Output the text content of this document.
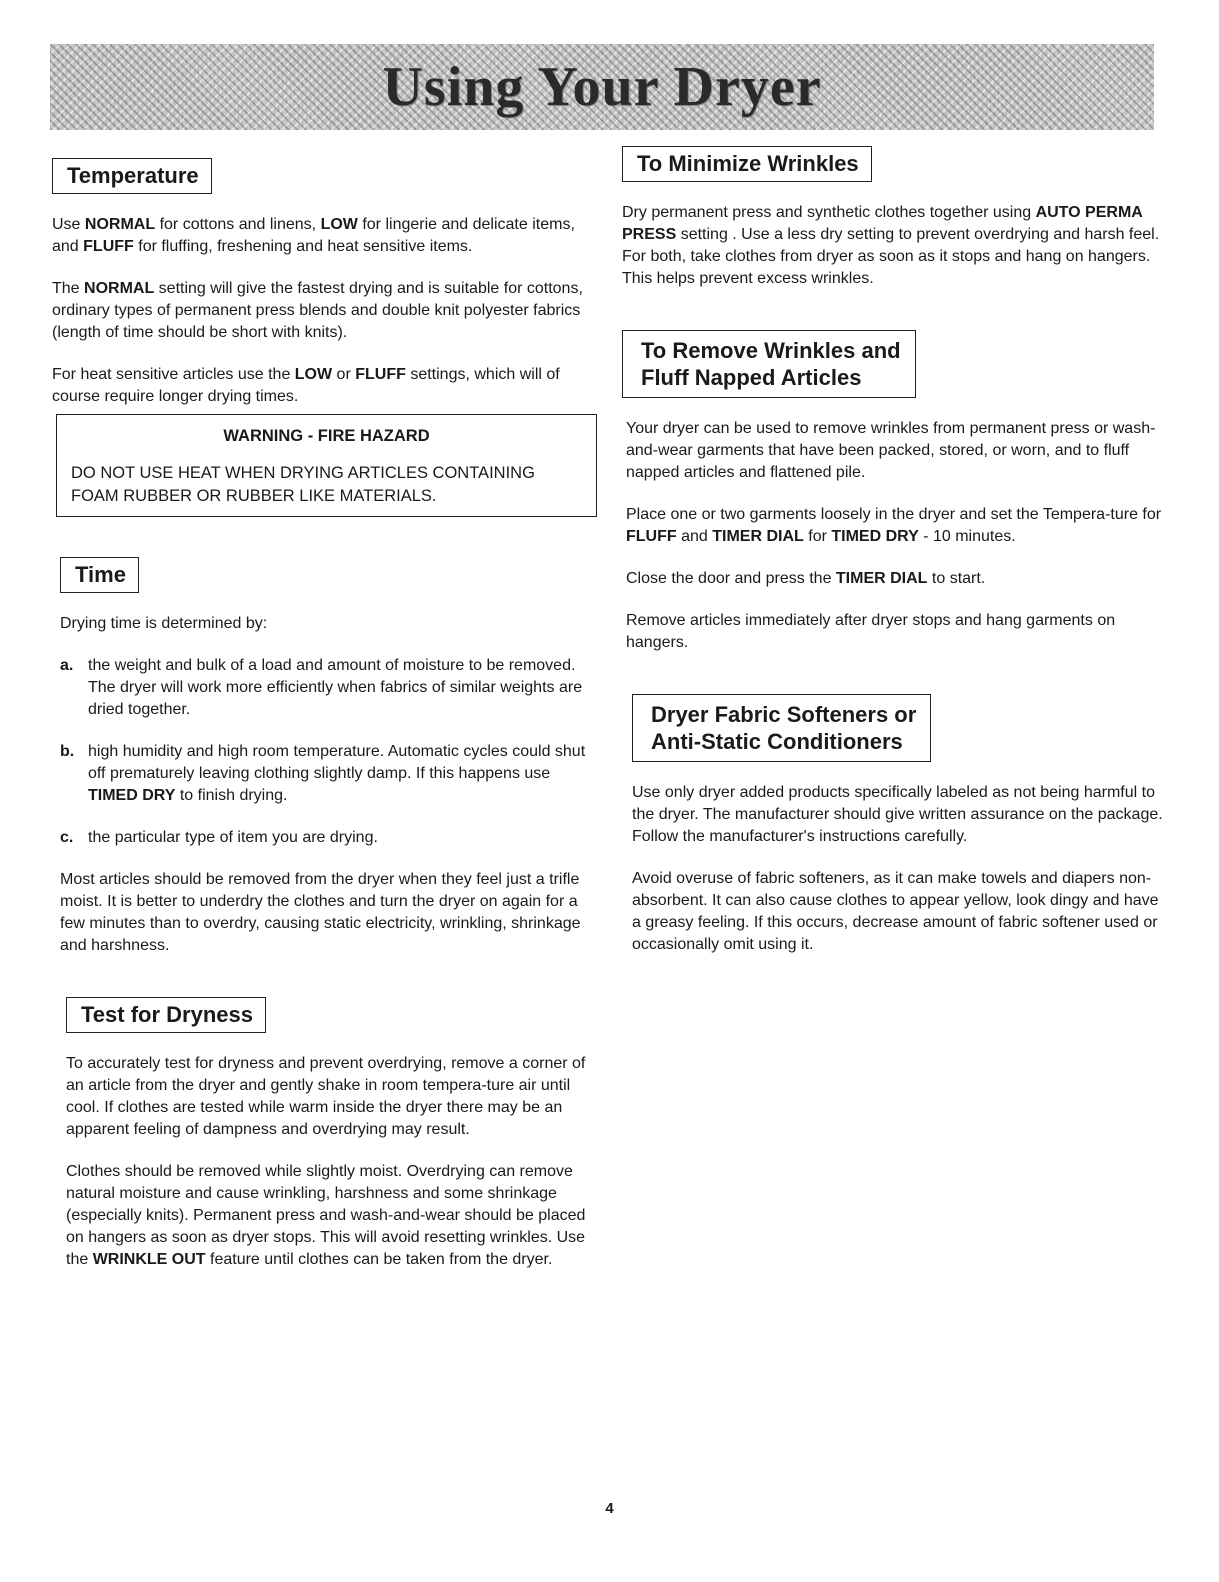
Using Your Dryer
Temperature

Use NORMAL for cottons and linens, LOW for lingerie and delicate items, and FLUFF for fluffing, freshening and heat sensitive items.

The NORMAL setting will give the fastest drying and is suitable for cottons, ordinary types of permanent press blends and double knit polyester fabrics (length of time should be short with knits).

For heat sensitive articles use the LOW or FLUFF settings, which will of course require longer drying times.

WARNING - FIRE HAZARD
DO NOT USE HEAT WHEN DRYING ARTICLES CONTAINING FOAM RUBBER OR RUBBER LIKE MATERIALS.
Time

Drying time is determined by:

a. the weight and bulk of a load and amount of moisture to be removed. The dryer will work more efficiently when fabrics of similar weights are dried together.
b. high humidity and high room temperature. Automatic cycles could shut off prematurely leaving clothing slightly damp. If this happens use TIMED DRY to finish drying.
c. the particular type of item you are drying.

Most articles should be removed from the dryer when they feel just a trifle moist. It is better to underdry the clothes and turn the dryer on again for a few minutes than to overdry, causing static electricity, wrinkling, shrinkage and harshness.

Test for Dryness

To accurately test for dryness and prevent overdrying, remove a corner of an article from the dryer and gently shake in room tempera-ture air until cool. If clothes are tested while warm inside the dryer there may be an apparent feeling of dampness and overdrying may result.

Clothes should be removed while slightly moist. Overdrying can remove natural moisture and cause wrinkling, harshness and some shrinkage (especially knits). Permanent press and wash-and-wear should be placed on hangers as soon as dryer stops. This will avoid resetting wrinkles. Use the WRINKLE OUT feature until clothes can be taken from the dryer.

To Minimize Wrinkles

Dry permanent press and synthetic clothes together using AUTO PERMA PRESS setting . Use a less dry setting to prevent overdrying and harsh feel. For both, take clothes from dryer as soon as it stops and hang on hangers. This helps prevent excess wrinkles.

To Remove Wrinkles and
Fluff Napped Articles

Your dryer can be used to remove wrinkles from permanent press or wash-and-wear garments that have been packed, stored, or worn, and to fluff napped articles and flattened pile.

Place one or two garments loosely in the dryer and set the Tempera-ture for FLUFF and TIMER DIAL for TIMED DRY - 10 minutes.

Close the door and press the TIMER DIAL to start.

Remove articles immediately after dryer stops and hang garments on hangers.

Dryer Fabric Softeners or
Anti-Static Conditioners

Use only dryer added products specifically labeled as not being harmful to the dryer. The manufacturer should give written assurance on the package. Follow the manufacturer's instructions carefully.

Avoid overuse of fabric softeners, as it can make towels and diapers non-absorbent. It can also cause clothes to appear yellow, look dingy and have a greasy feeling. If this occurs, decrease amount of fabric softener used or occasionally omit using it.

4
